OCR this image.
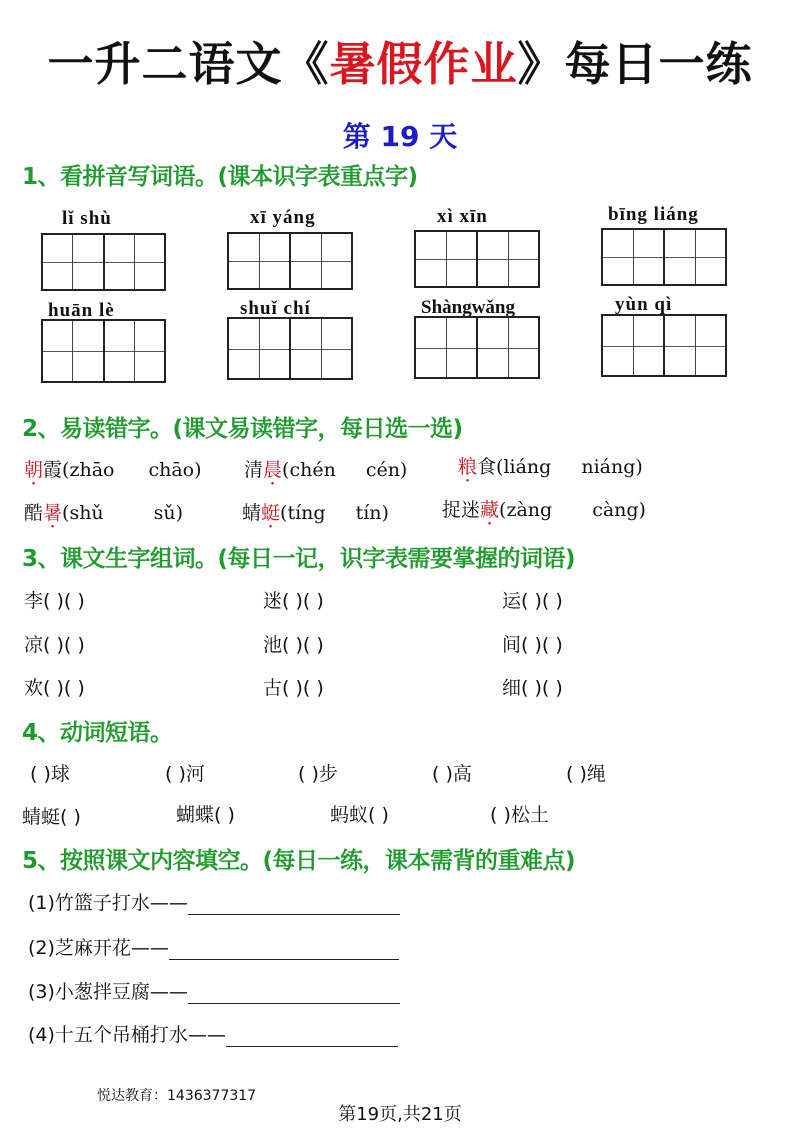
一升二语文《暑假作业》每日一练
第 19 天
1、看拼音写词语。(课本识字表重点字)
lǐ shù	xī yáng	xì xīn	bīng liáng
huān lè	shuǐ chí	Shàngwǎng	yùn qì
2、易读错字。(课文易读错字，每日选一选)
朝霞(zhāo chāo) 清晨(chén cén)	粮食(liáng niáng)
酷暑(shǔ	sǔ)	蜻蜓(tíng tín)	捉迷藏(zàng càng)
3、课文生字组词。(每日一记，识字表需要掌握的词语)
李( )( )	迷( )( )	运( )( )
凉( )( )	池( )( )	间( )( )
欢( )( )	古( )( )	细( )( )
4、动词短语。
( )球	( )河	( )步	( )高	( )绳
蜻蜓( )	蝴蝶( )	蚂蚁( )	( )松土
5、按照课文内容填空。(每日一练，课本需背的重难点)
(1)竹篮子打水——
(2)芝麻开花——
(3)小葱拌豆腐——
(4)十五个吊桶打水——
悦达教育：1436377317
第19页,共21页
